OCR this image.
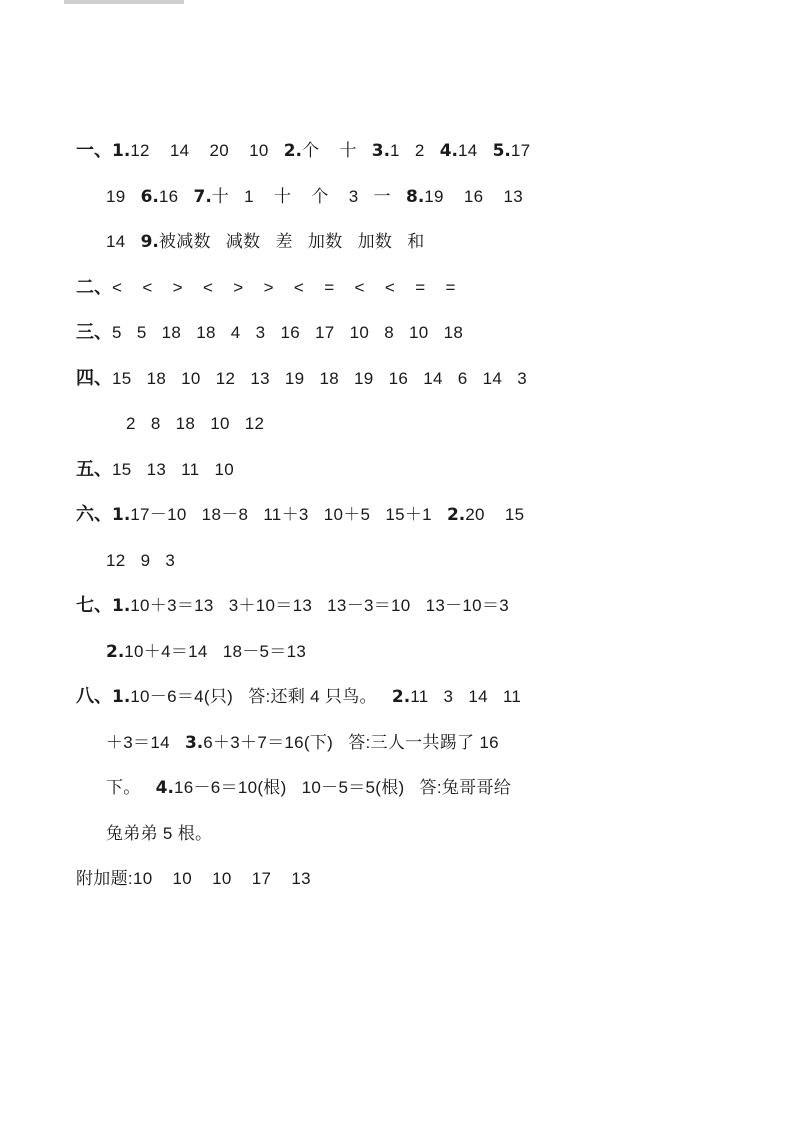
一、1.12    14    20    10   2.个    十   3.1   2   4.14   5.17
19   6.16   7.十   1    十    个    3   一   8.19    16    13
14   9.被减数   减数   差   加数   加数   和
二、<    <    >    <    >    >    <    =    <    <    =    =
三、5   5   18   18   4   3   16   17   10   8   10   18
四、15   18   10   12   13   19   18   19   16   14   6   14   3
2   8   18   10   12
五、15   13   11   10
六、1.17－10   18－8   11＋3   10＋5   15＋1   2.20    15
12   9   3
七、1.10＋3＝13   3＋10＝13   13－3＝10   13－10＝3
2.10＋4＝14   18－5＝13
八、1.10－6＝4(只)   答:还剩 4 只鸟。   2.11   3   14   11
＋3＝14   3.6＋3＋7＝16(下)   答:三人一共踢了 16
下。   4.16－6＝10(根)   10－5＝5(根)   答:兔哥哥给
兔弟弟 5 根。
附加题:10    10    10    17    13
